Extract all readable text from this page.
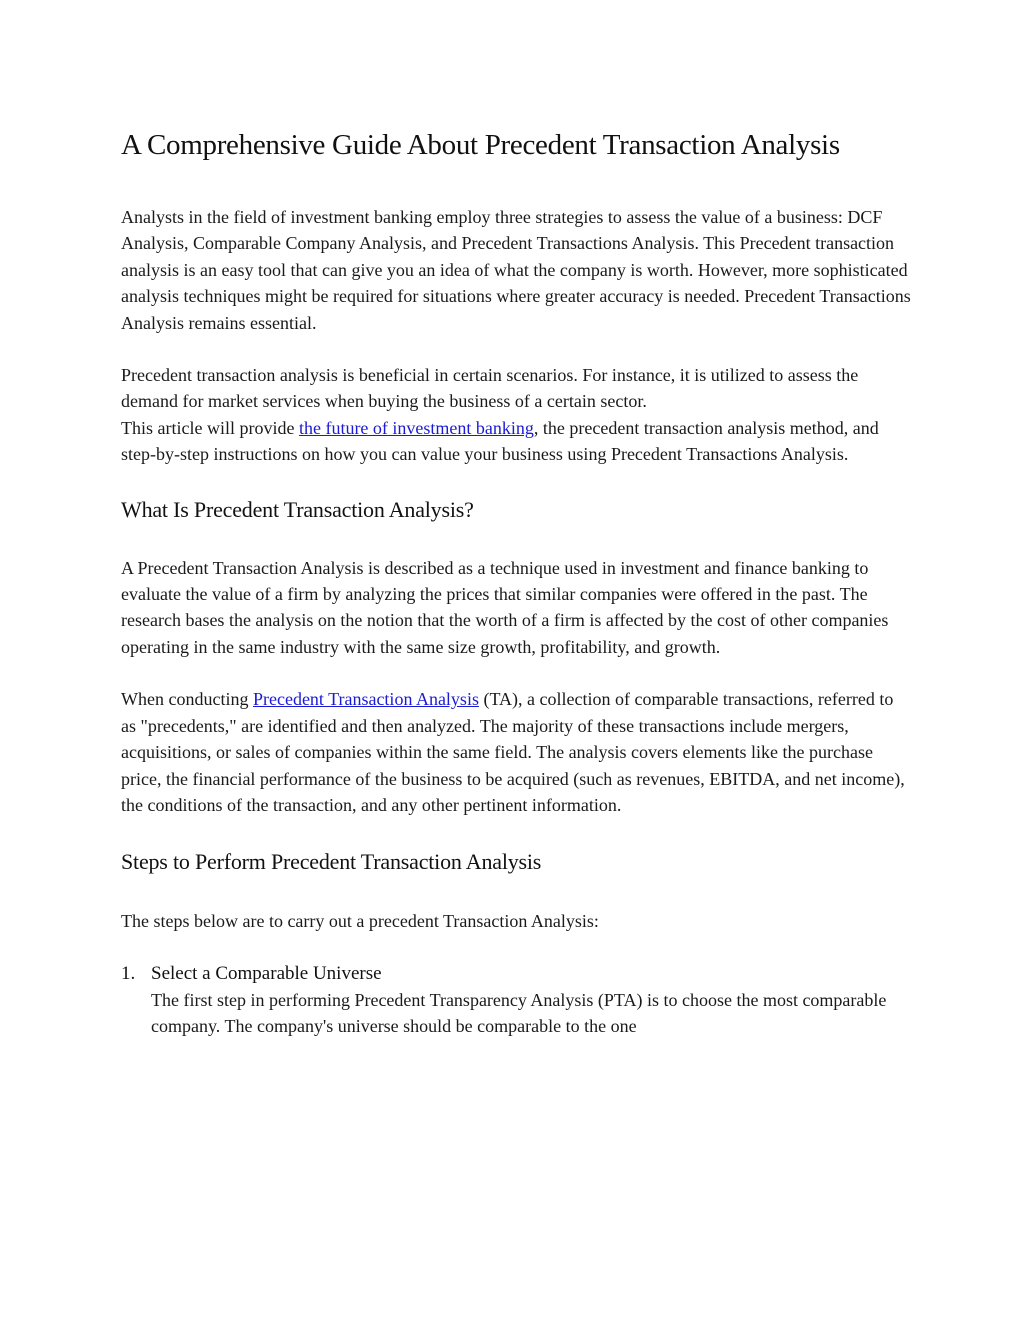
A Comprehensive Guide About Precedent Transaction Analysis

Analysts in the field of investment banking employ three strategies to assess the value of a business: DCF Analysis, Comparable Company Analysis, and Precedent Transactions Analysis. This Precedent transaction analysis is an easy tool that can give you an idea of what the company is worth. However, more sophisticated analysis techniques might be required for situations where greater accuracy is needed. Precedent Transactions Analysis remains essential.

Precedent transaction analysis is beneficial in certain scenarios. For instance, it is utilized to assess the demand for market services when buying the business of a certain sector.

This article will provide the future of investment banking, the precedent transaction analysis method, and step-by-step instructions on how you can value your business using Precedent Transactions Analysis.

What Is Precedent Transaction Analysis?

A Precedent Transaction Analysis is described as a technique used in investment and finance banking to evaluate the value of a firm by analyzing the prices that similar companies were offered in the past. The research bases the analysis on the notion that the worth of a firm is affected by the cost of other companies operating in the same industry with the same size growth, profitability, and growth.

When conducting Precedent Transaction Analysis (TA), a collection of comparable transactions, referred to as "precedents," are identified and then analyzed. The majority of these transactions include mergers, acquisitions, or sales of companies within the same field. The analysis covers elements like the purchase price, the financial performance of the business to be acquired (such as revenues, EBITDA, and net income), the conditions of the transaction, and any other pertinent information.

Steps to Perform Precedent Transaction Analysis

The steps below are to carry out a precedent Transaction Analysis:

1. Select a Comparable Universe

The first step in performing Precedent Transparency Analysis (PTA) is to choose the most comparable company. The company's universe should be comparable to the one
